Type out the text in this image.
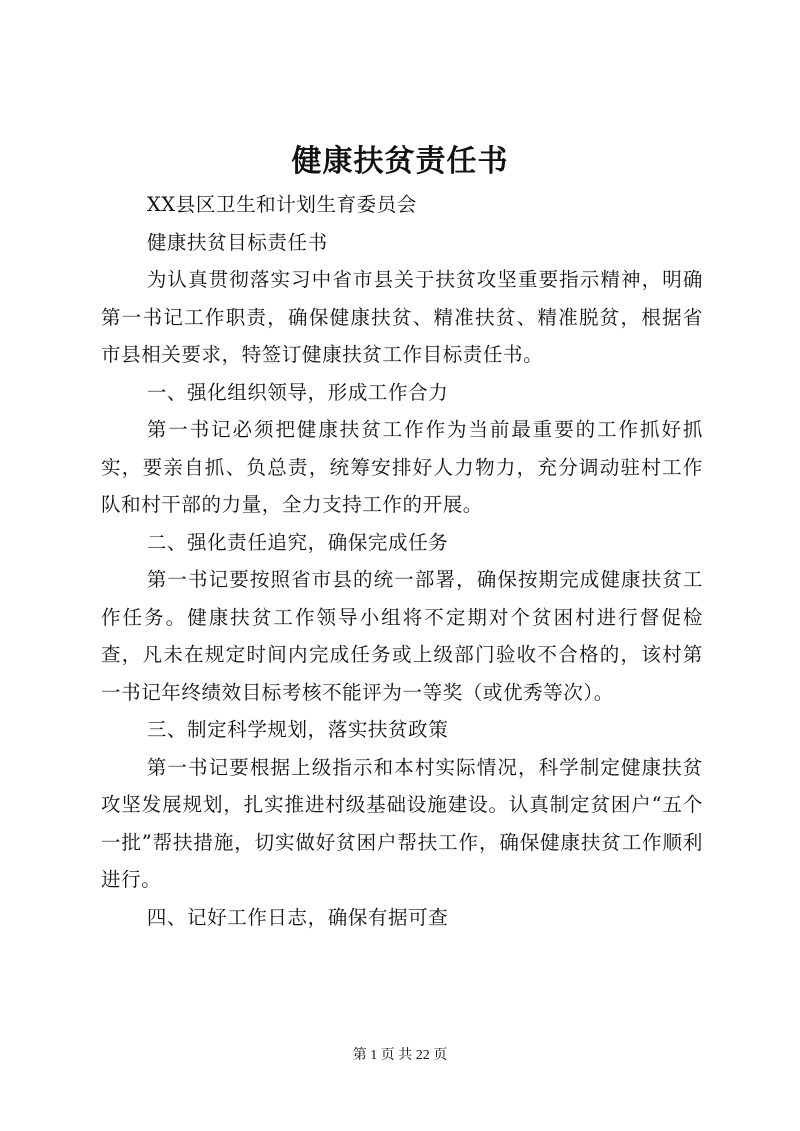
健康扶贫责任书

XX县区卫生和计划生育委员会

健康扶贫目标责任书

为认真贯彻落实习中省市县关于扶贫攻坚重要指示精神，明确第一书记工作职责，确保健康扶贫、精准扶贫、精准脱贫，根据省市县相关要求，特签订健康扶贫工作目标责任书。

一、强化组织领导，形成工作合力

第一书记必须把健康扶贫工作作为当前最重要的工作抓好抓实，要亲自抓、负总责，统筹安排好人力物力，充分调动驻村工作队和村干部的力量，全力支持工作的开展。

二、强化责任追究，确保完成任务

第一书记要按照省市县的统一部署，确保按期完成健康扶贫工作任务。健康扶贫工作领导小组将不定期对个贫困村进行督促检查，凡未在规定时间内完成任务或上级部门验收不合格的，该村第一书记年终绩效目标考核不能评为一等奖（或优秀等次）。

三、制定科学规划，落实扶贫政策

第一书记要根据上级指示和本村实际情况，科学制定健康扶贫攻坚发展规划，扎实推进村级基础设施建设。认真制定贫困户“五个一批”帮扶措施，切实做好贫困户帮扶工作，确保健康扶贫工作顺利进行。

四、记好工作日志，确保有据可查

第 1 页 共 22 页
